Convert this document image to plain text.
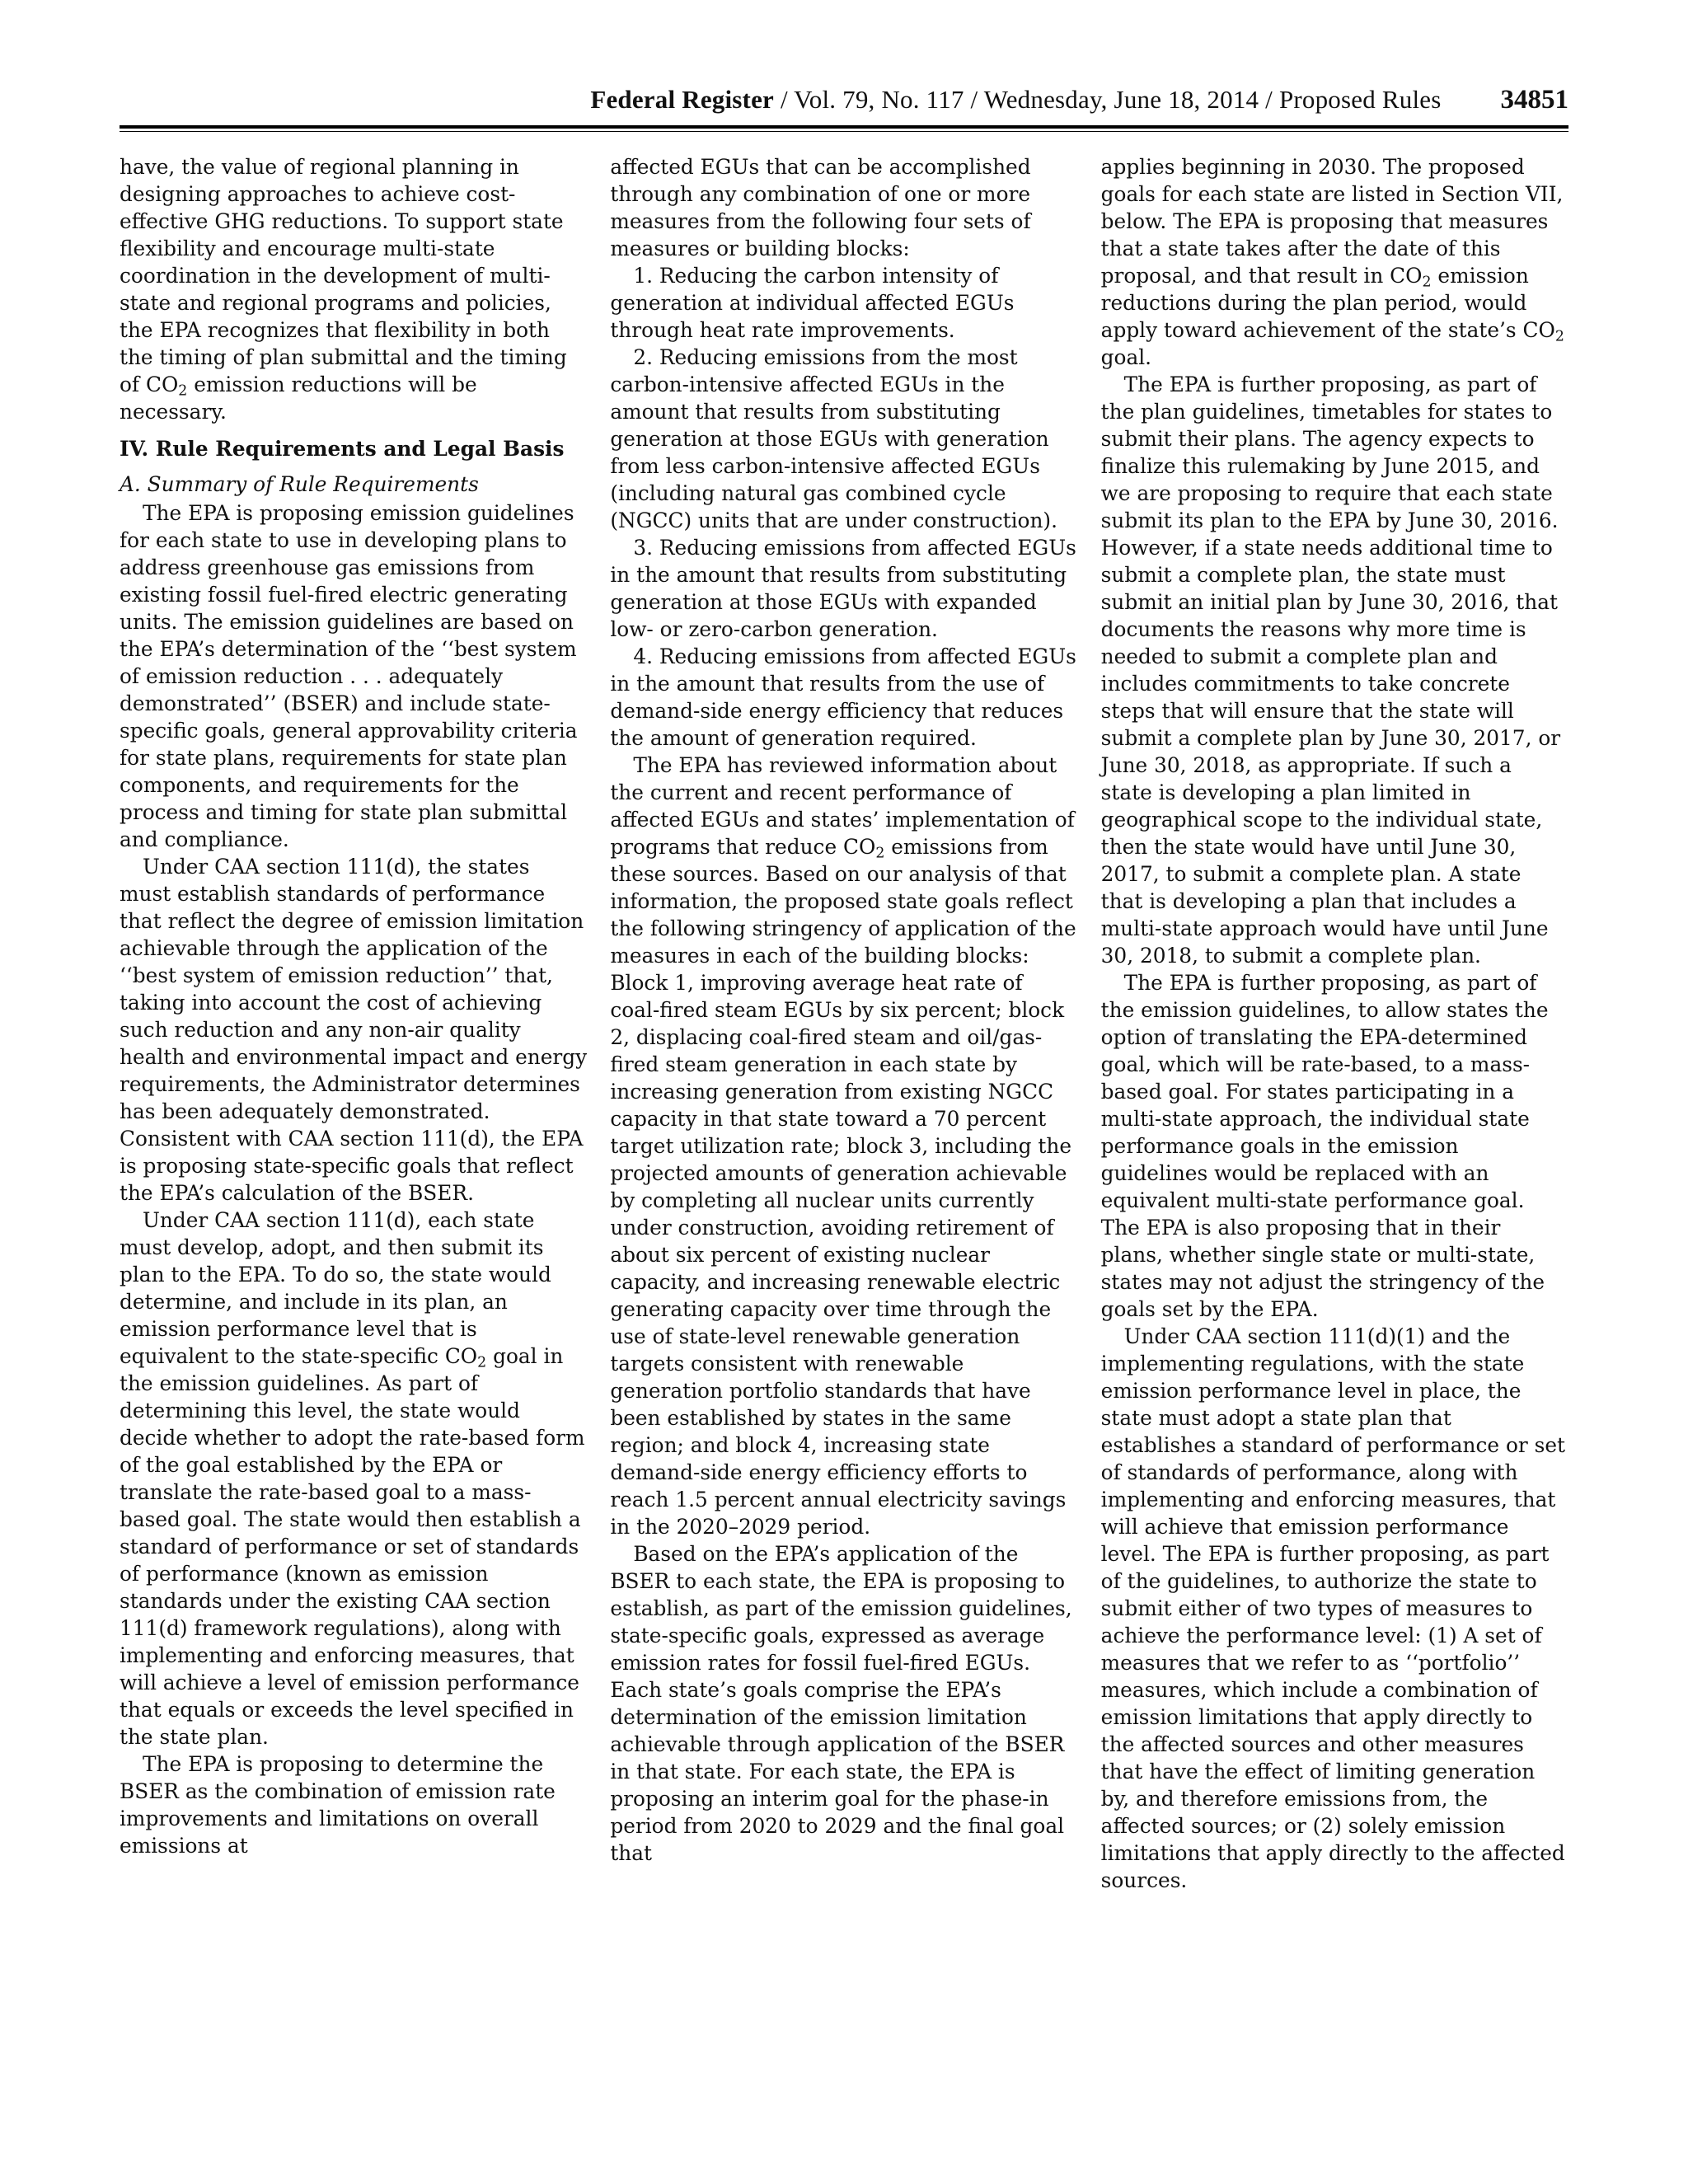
Federal Register / Vol. 79, No. 117 / Wednesday, June 18, 2014 / Proposed Rules	34851

have, the value of regional planning in designing approaches to achieve cost-effective GHG reductions. To support state flexibility and encourage multi-state coordination in the development of multi-state and regional programs and policies, the EPA recognizes that flexibility in both the timing of plan submittal and the timing of $CO_2$ emission reductions will be necessary.

IV. Rule Requirements and Legal Basis
A. Summary of Rule Requirements

The EPA is proposing emission guidelines for each state to use in developing plans to address greenhouse gas emissions from existing fossil fuel-fired electric generating units. The emission guidelines are based on the EPA’s determination of the ‘‘best system of emission reduction . . . adequately demonstrated’’ (BSER) and include state-specific goals, general approvability criteria for state plans, requirements for state plan components, and requirements for the process and timing for state plan submittal and compliance.

Under CAA section 111(d), the states must establish standards of performance that reflect the degree of emission limitation achievable through the application of the ‘‘best system of emission reduction’’ that, taking into account the cost of achieving such reduction and any non-air quality health and environmental impact and energy requirements, the Administrator determines has been adequately demonstrated. Consistent with CAA section 111(d), the EPA is proposing state-specific goals that reflect the EPA’s calculation of the BSER.

Under CAA section 111(d), each state must develop, adopt, and then submit its plan to the EPA. To do so, the state would determine, and include in its plan, an emission performance level that is equivalent to the state-specific $CO_2$ goal in the emission guidelines. As part of determining this level, the state would decide whether to adopt the rate-based form of the goal established by the EPA or translate the rate-based goal to a mass-based goal. The state would then establish a standard of performance or set of standards of performance (known as emission standards under the existing CAA section 111(d) framework regulations), along with implementing and enforcing measures, that will achieve a level of emission performance that equals or exceeds the level specified in the state plan.

The EPA is proposing to determine the BSER as the combination of emission rate improvements and limitations on overall emissions at

affected EGUs that can be accomplished through any combination of one or more measures from the following four sets of measures or building blocks:

1. Reducing the carbon intensity of generation at individual affected EGUs through heat rate improvements.

2. Reducing emissions from the most carbon-intensive affected EGUs in the amount that results from substituting generation at those EGUs with generation from less carbon-intensive affected EGUs (including natural gas combined cycle (NGCC) units that are under construction).

3. Reducing emissions from affected EGUs in the amount that results from substituting generation at those EGUs with expanded low- or zero-carbon generation.

4. Reducing emissions from affected EGUs in the amount that results from the use of demand-side energy efficiency that reduces the amount of generation required.

The EPA has reviewed information about the current and recent performance of affected EGUs and states’ implementation of programs that reduce $CO_2$ emissions from these sources. Based on our analysis of that information, the proposed state goals reflect the following stringency of application of the measures in each of the building blocks: Block 1, improving average heat rate of coal-fired steam EGUs by six percent; block 2, displacing coal-fired steam and oil/gas-fired steam generation in each state by increasing generation from existing NGCC capacity in that state toward a 70 percent target utilization rate; block 3, including the projected amounts of generation achievable by completing all nuclear units currently under construction, avoiding retirement of about six percent of existing nuclear capacity, and increasing renewable electric generating capacity over time through the use of state-level renewable generation targets consistent with renewable generation portfolio standards that have been established by states in the same region; and block 4, increasing state demand-side energy efficiency efforts to reach 1.5 percent annual electricity savings in the 2020–2029 period.

Based on the EPA’s application of the BSER to each state, the EPA is proposing to establish, as part of the emission guidelines, state-specific goals, expressed as average emission rates for fossil fuel-fired EGUs. Each state’s goals comprise the EPA’s determination of the emission limitation achievable through application of the BSER in that state. For each state, the EPA is proposing an interim goal for the phase-in period from 2020 to 2029 and the final goal that

applies beginning in 2030. The proposed goals for each state are listed in Section VII, below. The EPA is proposing that measures that a state takes after the date of this proposal, and that result in $CO_2$ emission reductions during the plan period, would apply toward achievement of the state’s $CO_2$ goal.

The EPA is further proposing, as part of the plan guidelines, timetables for states to submit their plans. The agency expects to finalize this rulemaking by June 2015, and we are proposing to require that each state submit its plan to the EPA by June 30, 2016. However, if a state needs additional time to submit a complete plan, the state must submit an initial plan by June 30, 2016, that documents the reasons why more time is needed to submit a complete plan and includes commitments to take concrete steps that will ensure that the state will submit a complete plan by June 30, 2017, or June 30, 2018, as appropriate. If such a state is developing a plan limited in geographical scope to the individual state, then the state would have until June 30, 2017, to submit a complete plan. A state that is developing a plan that includes a multi-state approach would have until June 30, 2018, to submit a complete plan.

The EPA is further proposing, as part of the emission guidelines, to allow states the option of translating the EPA-determined goal, which will be rate-based, to a mass-based goal. For states participating in a multi-state approach, the individual state performance goals in the emission guidelines would be replaced with an equivalent multi-state performance goal. The EPA is also proposing that in their plans, whether single state or multi-state, states may not adjust the stringency of the goals set by the EPA.

Under CAA section 111(d)(1) and the implementing regulations, with the state emission performance level in place, the state must adopt a state plan that establishes a standard of performance or set of standards of performance, along with implementing and enforcing measures, that will achieve that emission performance level. The EPA is further proposing, as part of the guidelines, to authorize the state to submit either of two types of measures to achieve the performance level: (1) A set of measures that we refer to as ‘‘portfolio’’ measures, which include a combination of emission limitations that apply directly to the affected sources and other measures that have the effect of limiting generation by, and therefore emissions from, the affected sources; or (2) solely emission limitations that apply directly to the affected sources.
